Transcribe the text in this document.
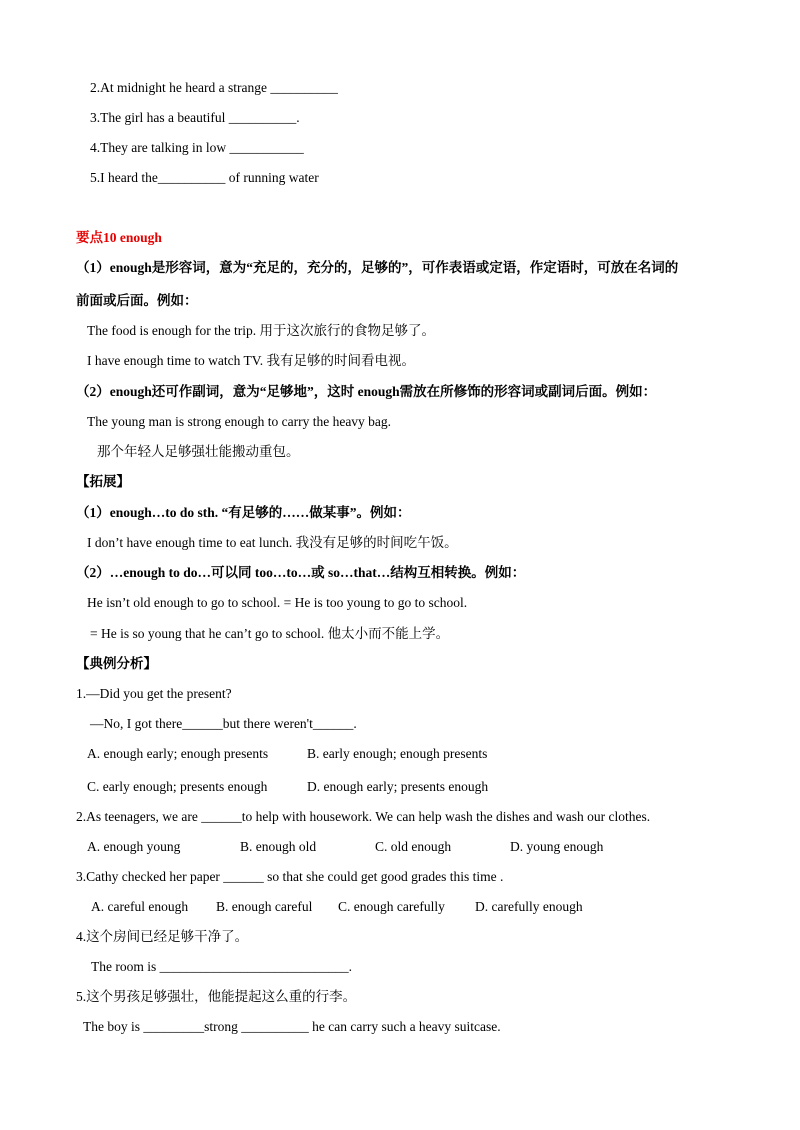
2.At midnight he heard a strange __________
3.The girl has a beautiful __________.
4.They are talking in low ___________
5.I heard the__________ of running water
要点10 enough
（1）enough是形容词，意为“充足的，充分的，足够的”，可作表语或定语，作定语时，可放在名词的
前面或后面。例如：
The food is enough for the trip. 用于这次旅行的食物足够了。
I have enough time to watch TV. 我有足够的时间看电视。
（2）enough还可作副词，意为“足够地”，这时 enough需放在所修饰的形容词或副词后面。例如：
The young man is strong enough to carry the heavy bag.
那个年轻人足够强壮能搬动重包。
【拓展】
（1）enough…to do sth. “有足够的……做某事”。例如：
I don’t have enough time to eat lunch. 我没有足够的时间吃午饭。
（2）…enough to do…可以同 too…to…或 so…that…结构互相转换。例如：
He isn’t old enough to go to school. = He is too young to go to school.
= He is so young that he can’t go to school. 他太小而不能上学。
【典例分析】
1.—Did you get the present?
—No, I got there______but there weren't______.
A. enough early; enough presents	B. early enough; enough presents
C. early enough; presents enough	D. enough early; presents enough
2.As teenagers, we are ______to help with housework. We can help wash the dishes and wash our clothes.
A. enough young	B. enough old	C. old enough	D. young enough
3.Cathy checked her paper ______ so that she could get good grades this time .
A. careful enough B. enough careful C. enough carefully D. carefully enough
4.这个房间已经足够干净了。
The room is ____________________________.
5.这个男孩足够强壮，他能提起这么重的行李。
The boy is _________strong __________ he can carry such a heavy suitcase.
